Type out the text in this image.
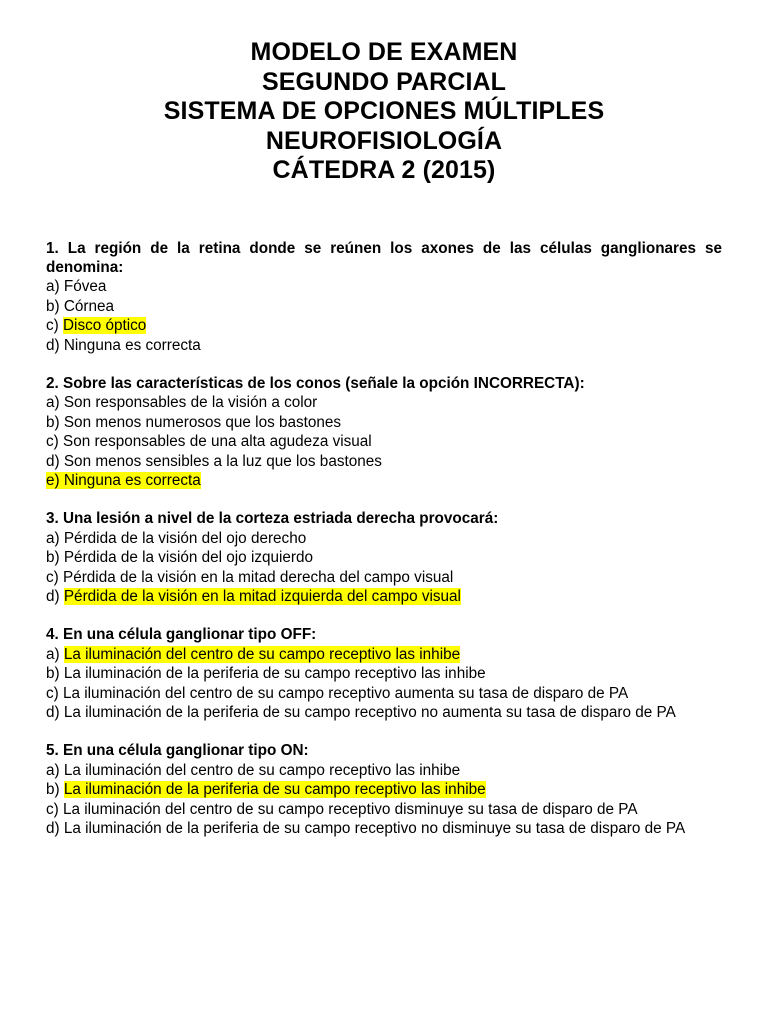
MODELO DE EXAMEN
SEGUNDO PARCIAL
SISTEMA DE OPCIONES MÚLTIPLES
NEUROFISIOLOGÍA
CÁTEDRA 2 (2015)

1. La región de la retina donde se reúnen los axones de las células ganglionares se denomina:

a) Fóvea

b) Córnea

c) Disco óptico

d) Ninguna es correcta

2. Sobre las características de los conos (señale la opción INCORRECTA):

a) Son responsables de la visión a color

b) Son menos numerosos que los bastones

c) Son responsables de una alta agudeza visual

d) Son menos sensibles a la luz que los bastones

e) Ninguna es correcta

3. Una lesión a nivel de la corteza estriada derecha provocará:

a) Pérdida de la visión del ojo derecho

b) Pérdida de la visión del ojo izquierdo

c) Pérdida de la visión en la mitad derecha del campo visual

d) Pérdida de la visión en la mitad izquierda del campo visual

4. En una célula ganglionar tipo OFF:

a) La iluminación del centro de su campo receptivo las inhibe

b) La iluminación de la periferia de su campo receptivo las inhibe

c) La iluminación del centro de su campo receptivo aumenta su tasa de disparo de PA

d) La iluminación de la periferia de su campo receptivo no aumenta su tasa de disparo de PA

5. En una célula ganglionar tipo ON:

a) La iluminación del centro de su campo receptivo las inhibe

b) La iluminación de la periferia de su campo receptivo las inhibe

c) La iluminación del centro de su campo receptivo disminuye su tasa de disparo de PA

d) La iluminación de la periferia de su campo receptivo no disminuye su tasa de disparo de PA
